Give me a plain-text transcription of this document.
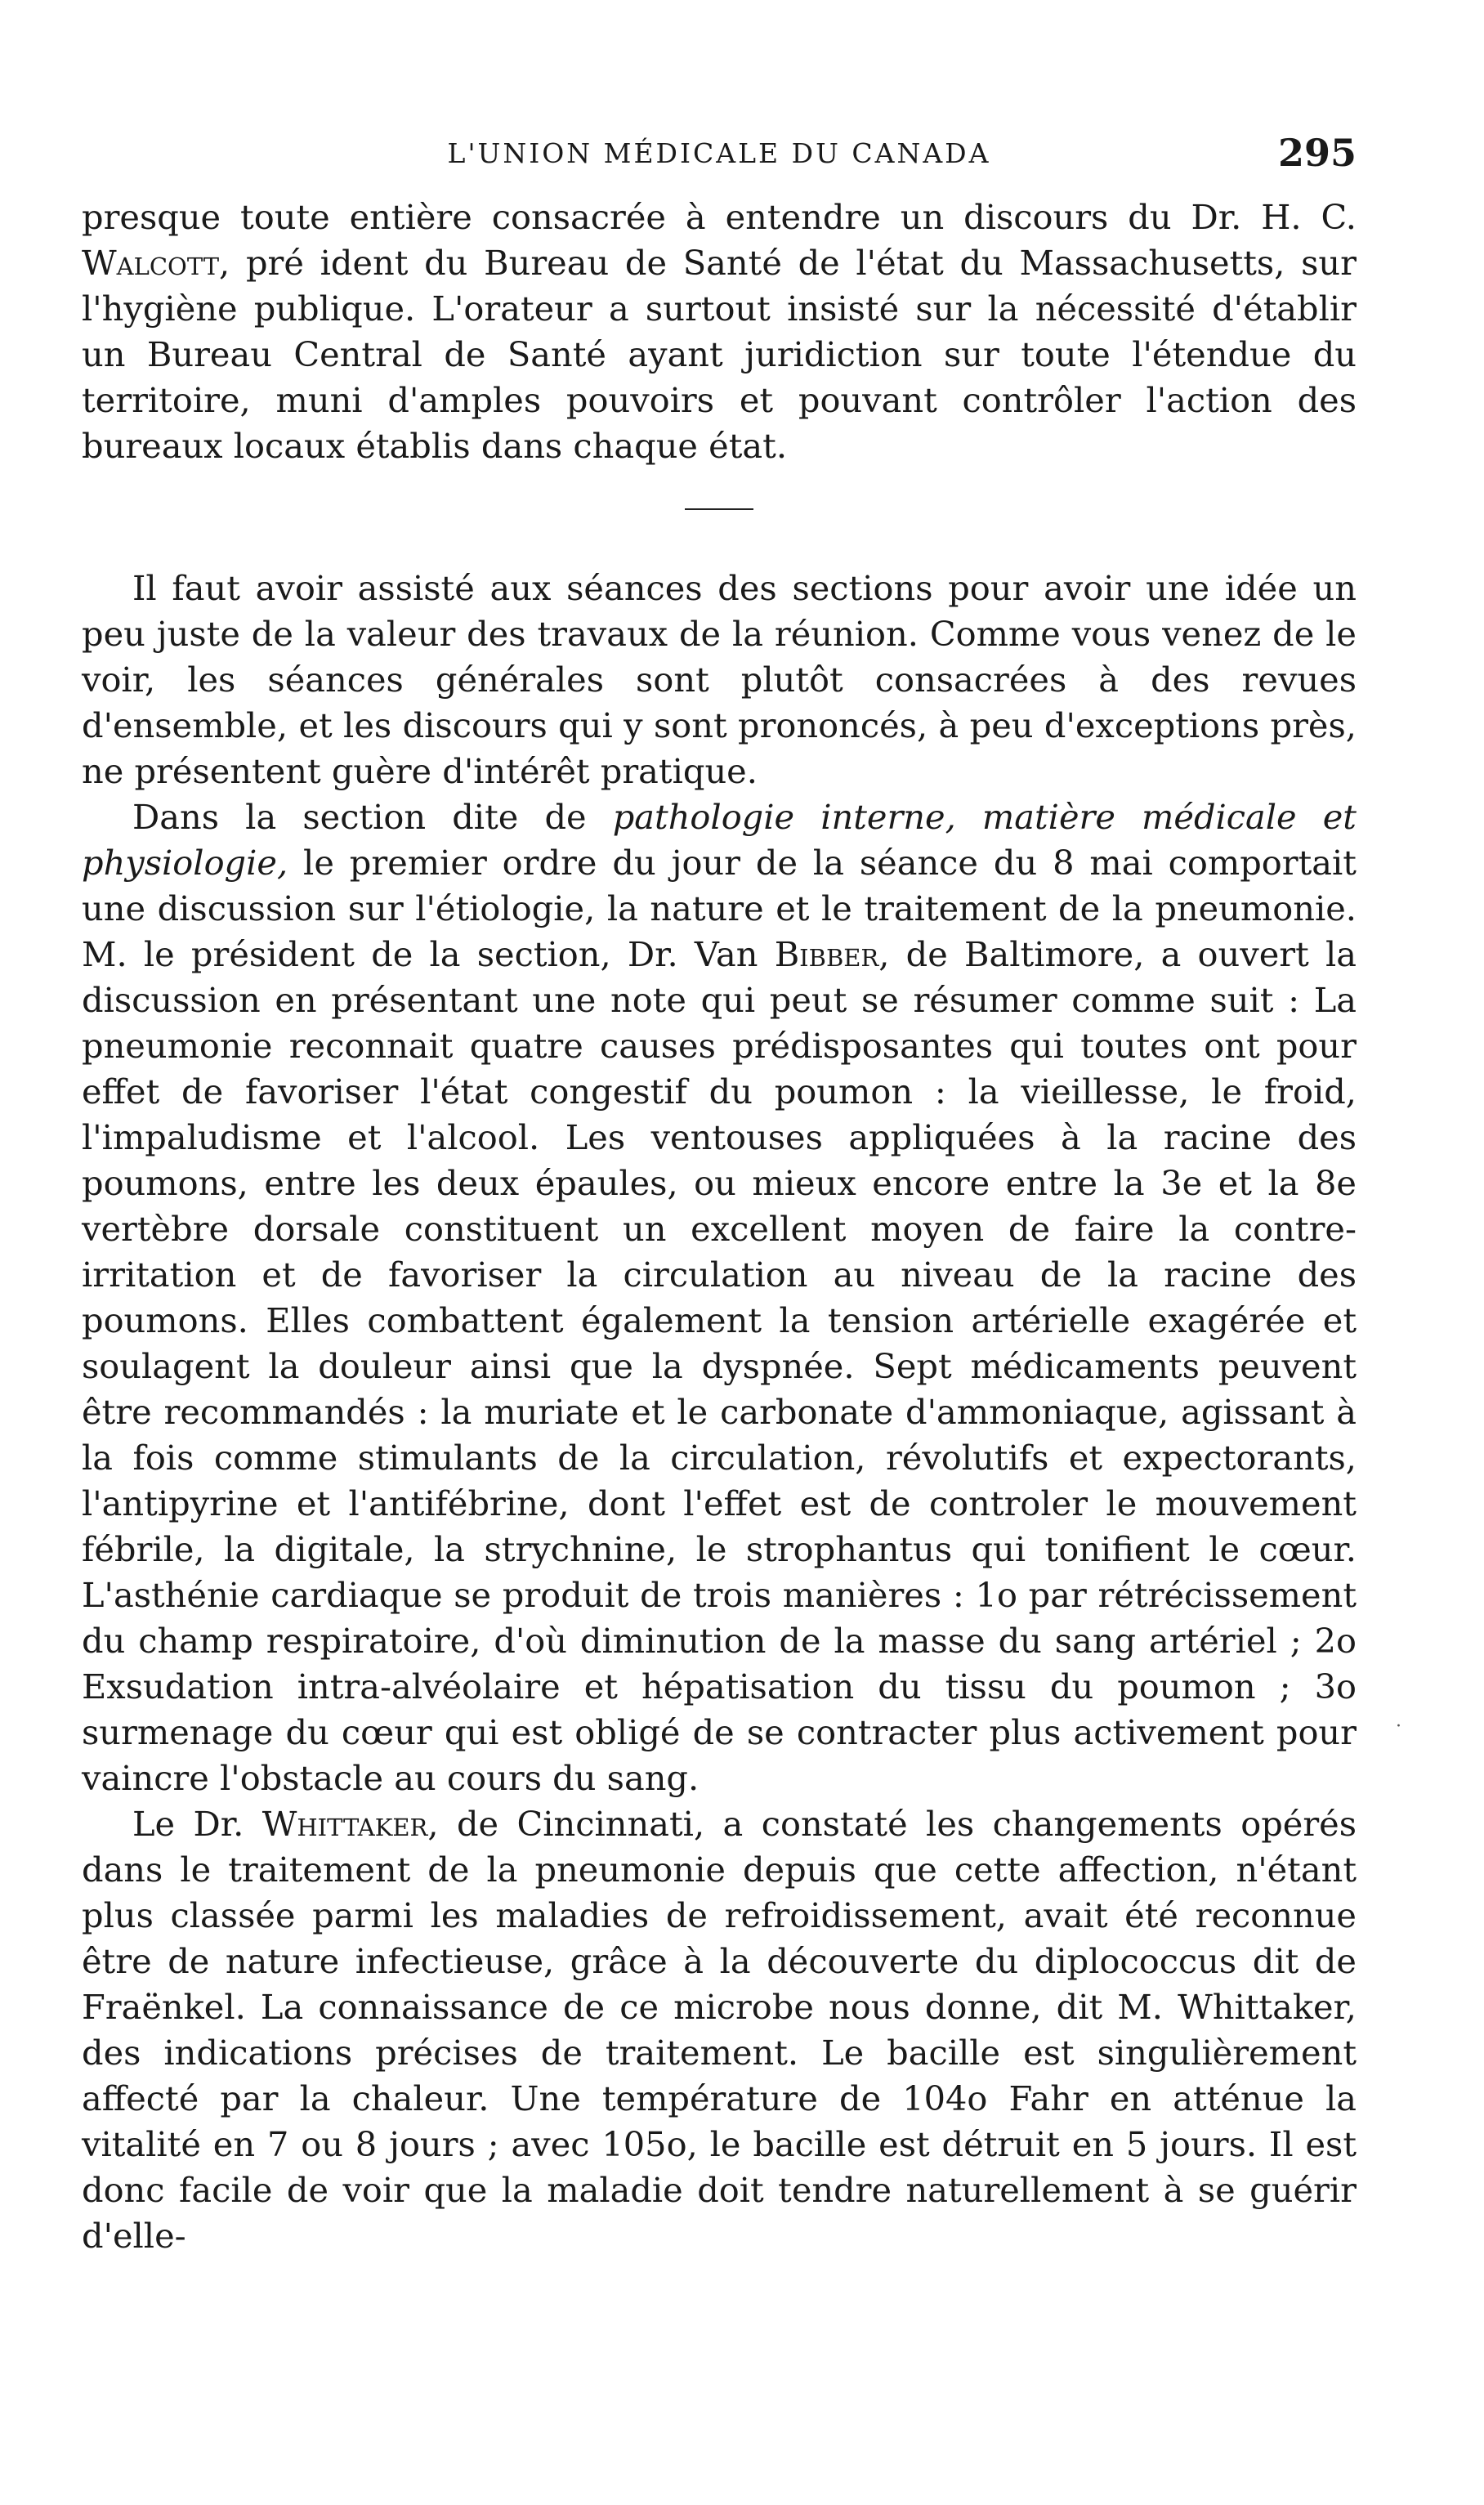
L'UNION MÉDICALE DU CANADA	295

presque toute entière consacrée à entendre un discours du Dr. H. C. Walcott, pré ident du Bureau de Santé de l'état du Massachusetts, sur l'hygiène publique. L'orateur a surtout insisté sur la nécessité d'établir un Bureau Central de Santé ayant juridiction sur toute l'étendue du territoire, muni d'amples pouvoirs et pouvant contrôler l'action des bureaux locaux établis dans chaque état.

Il faut avoir assisté aux séances des sections pour avoir une idée un peu juste de la valeur des travaux de la réunion. Comme vous venez de le voir, les séances générales sont plutôt consacrées à des revues d'ensemble, et les discours qui y sont prononcés, à peu d'exceptions près, ne présentent guère d'intérêt pratique.

Dans la section dite de pathologie interne, matière médicale et physiologie, le premier ordre du jour de la séance du 8 mai comportait une discussion sur l'étiologie, la nature et le traitement de la pneumonie. M. le président de la section, Dr. Van Bibber, de Baltimore, a ouvert la discussion en présentant une note qui peut se résumer comme suit : La pneumonie reconnait quatre causes prédisposantes qui toutes ont pour effet de favoriser l'état congestif du poumon : la vieillesse, le froid, l'impaludisme et l'alcool. Les ventouses appliquées à la racine des poumons, entre les deux épaules, ou mieux encore entre la 3e et la 8e vertèbre dorsale constituent un excellent moyen de faire la contre-irritation et de favoriser la circulation au niveau de la racine des poumons. Elles combattent également la tension artérielle exagérée et soulagent la douleur ainsi que la dyspnée. Sept médicaments peuvent être recommandés : la muriate et le carbonate d'ammoniaque, agissant à la fois comme stimulants de la circulation, révolutifs et expectorants, l'antipyrine et l'antifébrine, dont l'effet est de controler le mouvement fébrile, la digitale, la strychnine, le strophantus qui tonifient le cœur. L'asthénie cardiaque se produit de trois manières : 1o par rétrécissement du champ respiratoire, d'où diminution de la masse du sang artériel ; 2o Exsudation intra-alvéolaire et hépatisation du tissu du poumon ; 3o surmenage du cœur qui est obligé de se contracter plus activement pour vaincre l'obstacle au cours du sang.

Le Dr. Whittaker, de Cincinnati, a constaté les changements opérés dans le traitement de la pneumonie depuis que cette affection, n'étant plus classée parmi les maladies de refroidissement, avait été reconnue être de nature infectieuse, grâce à la découverte du diplococcus dit de Fraënkel. La connaissance de ce microbe nous donne, dit M. Whittaker, des indications précises de traitement. Le bacille est singulièrement affecté par la chaleur. Une température de 104o Fahr en atténue la vitalité en 7 ou 8 jours ; avec 105o, le bacille est détruit en 5 jours. Il est donc facile de voir que la maladie doit tendre naturellement à se guérir d'elle-

·
